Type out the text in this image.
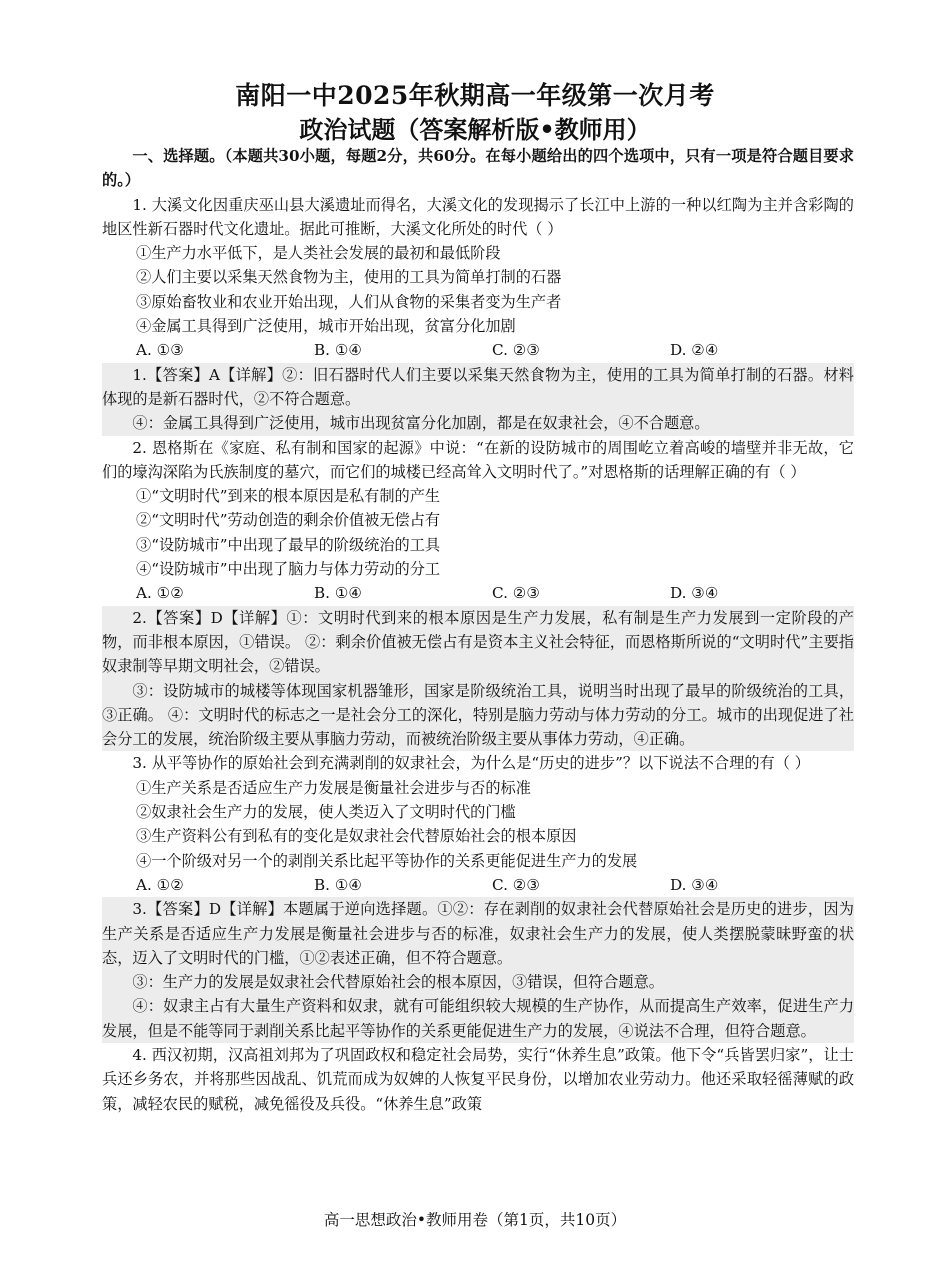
南阳一中2025年秋期高一年级第一次月考
政治试题（答案解析版•教师用）

一、选择题。（本题共30小题，每题2分，共60分。在每小题给出的四个选项中，只有一项是符合题目要求的。）

1. 大溪文化因重庆巫山县大溪遗址而得名，大溪文化的发现揭示了长江中上游的一种以红陶为主并含彩陶的地区性新石器时代文化遗址。据此可推断，大溪文化所处的时代（ ）

①生产力水平低下，是人类社会发展的最初和最低阶段

②人们主要以采集天然食物为主，使用的工具为简单打制的石器

③原始畜牧业和农业开始出现，人们从食物的采集者变为生产者

④金属工具得到广泛使用，城市开始出现，贫富分化加剧

A. ①③	B. ①④	C. ②③	D. ②④

1.【答案】A【详解】②：旧石器时代人们主要以采集天然食物为主，使用的工具为简单打制的石器。材料体现的是新石器时代，②不符合题意。

④：金属工具得到广泛使用，城市出现贫富分化加剧，都是在奴隶社会，④不合题意。

2. 恩格斯在《家庭、私有制和国家的起源》中说：“在新的设防城市的周围屹立着高峻的墙壁并非无故，它们的壕沟深陷为氏族制度的墓穴，而它们的城楼已经高耸入文明时代了。”对恩格斯的话理解正确的有（ ）

①“文明时代”到来的根本原因是私有制的产生

②“文明时代”劳动创造的剩余价值被无偿占有

③“设防城市”中出现了最早的阶级统治的工具

④“设防城市”中出现了脑力与体力劳动的分工

A. ①②	B. ①④	C. ②③	D. ③④

2.【答案】D【详解】①：文明时代到来的根本原因是生产力发展，私有制是生产力发展到一定阶段的产物，而非根本原因，①错误。 ②：剩余价值被无偿占有是资本主义社会特征，而恩格斯所说的“文明时代”主要指奴隶制等早期文明社会，②错误。

③：设防城市的城楼等体现国家机器雏形，国家是阶级统治工具，说明当时出现了最早的阶级统治的工具，③正确。 ④：文明时代的标志之一是社会分工的深化，特别是脑力劳动与体力劳动的分工。城市的出现促进了社会分工的发展，统治阶级主要从事脑力劳动，而被统治阶级主要从事体力劳动，④正确。

3. 从平等协作的原始社会到充满剥削的奴隶社会，为什么是“历史的进步”？以下说法不合理的有（ ）

①生产关系是否适应生产力发展是衡量社会进步与否的标准

②奴隶社会生产力的发展，使人类迈入了文明时代的门槛

③生产资料公有到私有的变化是奴隶社会代替原始社会的根本原因

④一个阶级对另一个的剥削关系比起平等协作的关系更能促进生产力的发展

A. ①②	B. ①④	C. ②③	D. ③④

3.【答案】D【详解】本题属于逆向选择题。①②：存在剥削的奴隶社会代替原始社会是历史的进步，因为生产关系是否适应生产力发展是衡量社会进步与否的标准，奴隶社会生产力的发展，使人类摆脱蒙昧野蛮的状态，迈入了文明时代的门槛，①②表述正确，但不符合题意。

③：生产力的发展是奴隶社会代替原始社会的根本原因，③错误，但符合题意。

④：奴隶主占有大量生产资料和奴隶，就有可能组织较大规模的生产协作，从而提高生产效率，促进生产力发展，但是不能等同于剥削关系比起平等协作的关系更能促进生产力的发展，④说法不合理，但符合题意。

4. 西汉初期，汉高祖刘邦为了巩固政权和稳定社会局势，实行“休养生息”政策。他下令“兵皆罢归家”，让士兵还乡务农，并将那些因战乱、饥荒而成为奴婢的人恢复平民身份，以增加农业劳动力。他还采取轻徭薄赋的政策，减轻农民的赋税，减免徭役及兵役。“休养生息”政策

高一思想政治•教师用卷（第1页，共10页）
